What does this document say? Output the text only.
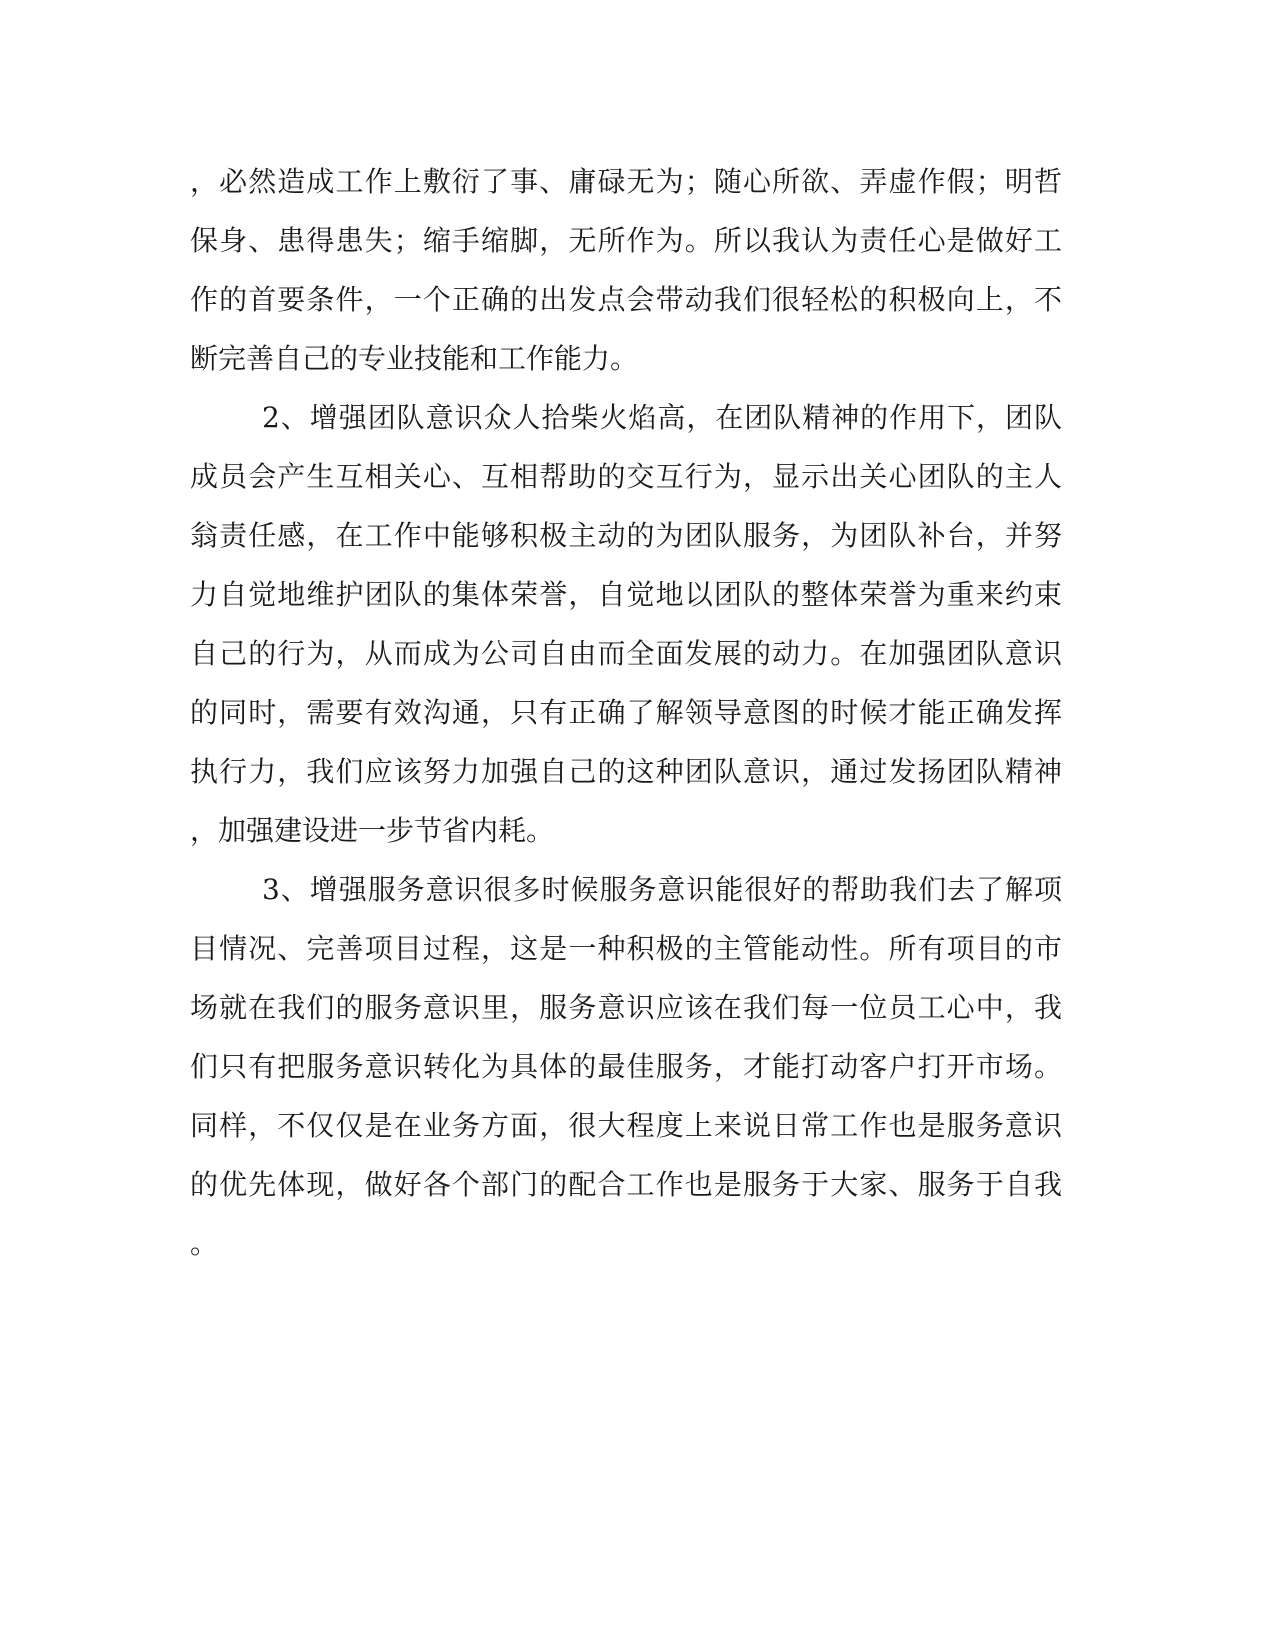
，必然造成工作上敷衍了事、庸碌无为；随心所欲、弄虚作假；明哲
保身、患得患失；缩手缩脚，无所作为。所以我认为责任心是做好工
作的首要条件，一个正确的出发点会带动我们很轻松的积极向上，不
断完善自己的专业技能和工作能力。
2、增强团队意识众人拾柴火焰高，在团队精神的作用下，团队
成员会产生互相关心、互相帮助的交互行为，显示出关心团队的主人
翁责任感，在工作中能够积极主动的为团队服务，为团队补台，并努
力自觉地维护团队的集体荣誉，自觉地以团队的整体荣誉为重来约束
自己的行为，从而成为公司自由而全面发展的动力。在加强团队意识
的同时，需要有效沟通，只有正确了解领导意图的时候才能正确发挥
执行力，我们应该努力加强自己的这种团队意识，通过发扬团队精神
，加强建设进一步节省内耗。
3、增强服务意识很多时候服务意识能很好的帮助我们去了解项
目情况、完善项目过程，这是一种积极的主管能动性。所有项目的市
场就在我们的服务意识里，服务意识应该在我们每一位员工心中，我
们只有把服务意识转化为具体的最佳服务，才能打动客户打开市场。
同样，不仅仅是在业务方面，很大程度上来说日常工作也是服务意识
的优先体现，做好各个部门的配合工作也是服务于大家、服务于自我
。
